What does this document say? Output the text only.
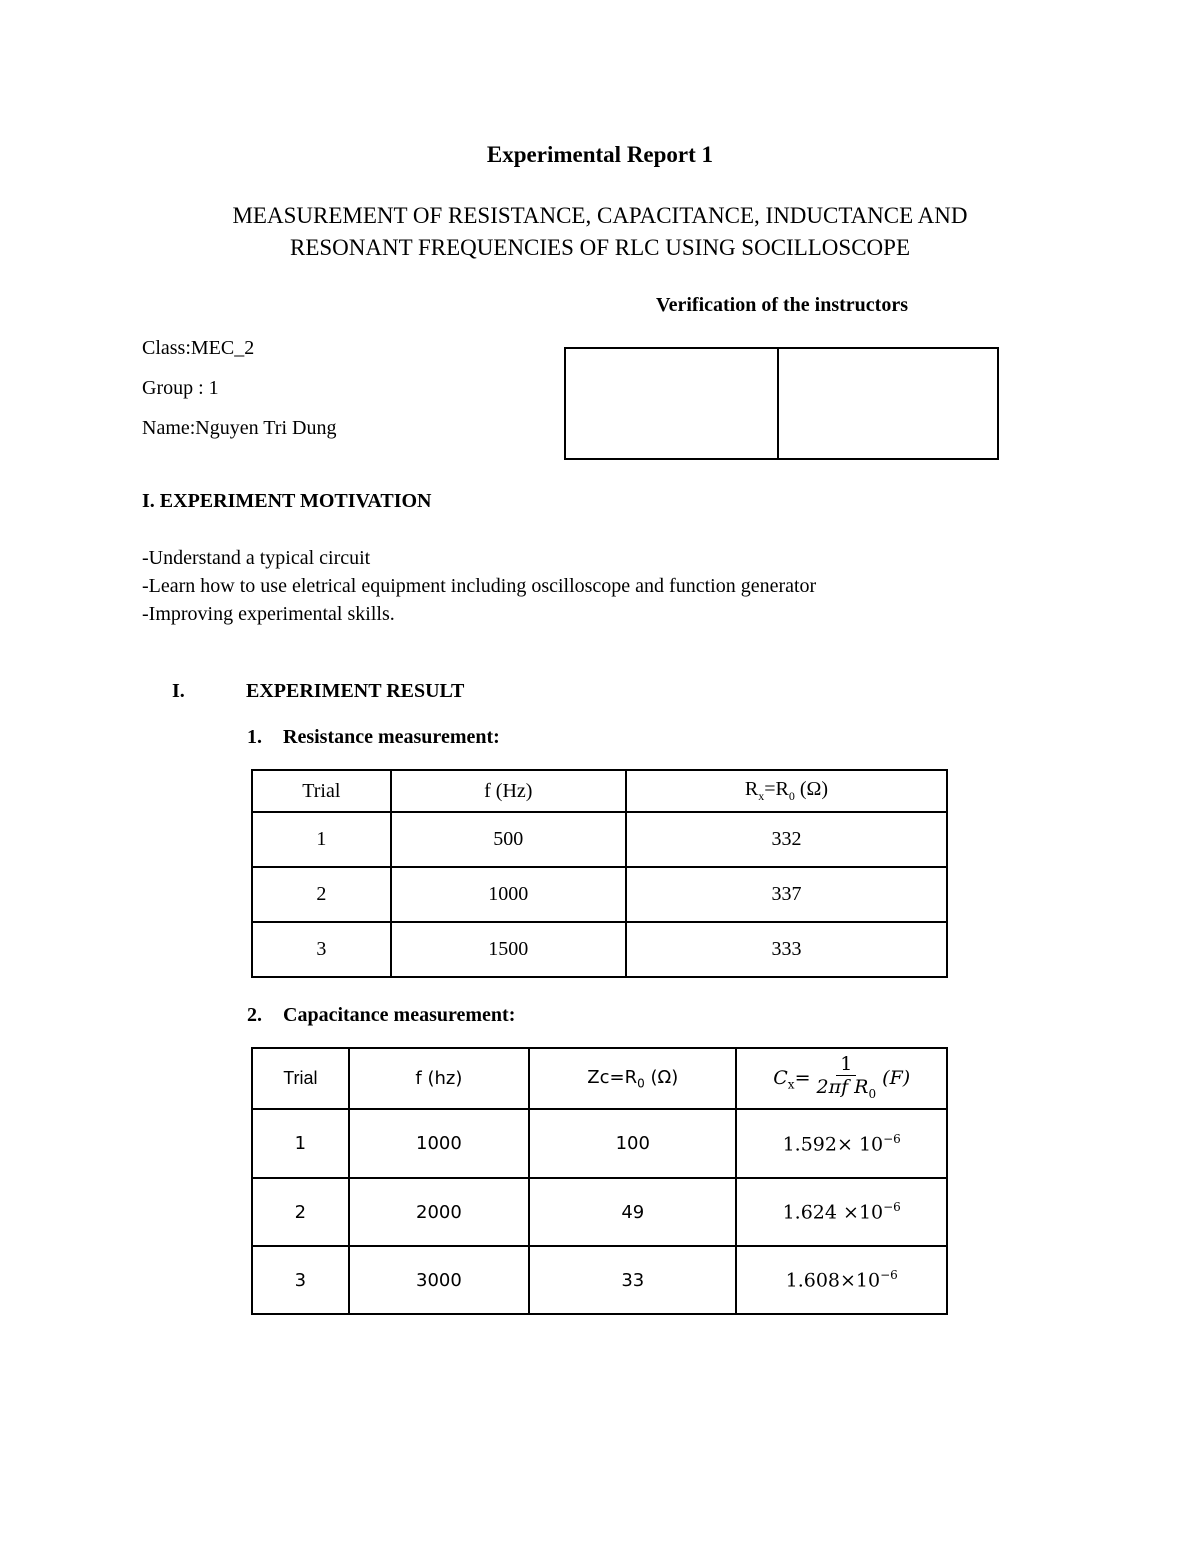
Experimental Report 1
MEASUREMENT OF RESISTANCE, CAPACITANCE, INDUCTANCE AND
RESONANT FREQUENCIES OF RLC USING SOCILLOSCOPE
Verification of the instructors
Class:MEC_2
Group : 1
Name:Nguyen Tri Dung
I. EXPERIMENT MOTIVATION
-Understand a typical circuit
-Learn how to use eletrical equipment including oscilloscope and function generator
-Improving experimental skills.
I.	EXPERIMENT RESULT
1. Resistance measurement:
Trial	f (Hz)	$R_x=R_0$ (Ω)
1	500	332
2	1000	337
3	1500	333
2. Capacitance measurement:
Trial	f (hz)	$Zc=R_0$ (Ω)	$C_x= \frac{1}{2\pi f R_0} (F)$
1	1000	100	$1.592\times 10^{-6}$
2	2000	49	$1.624 \times 10^{-6}$
3	3000	33	$1.608\times 10^{-6}$
